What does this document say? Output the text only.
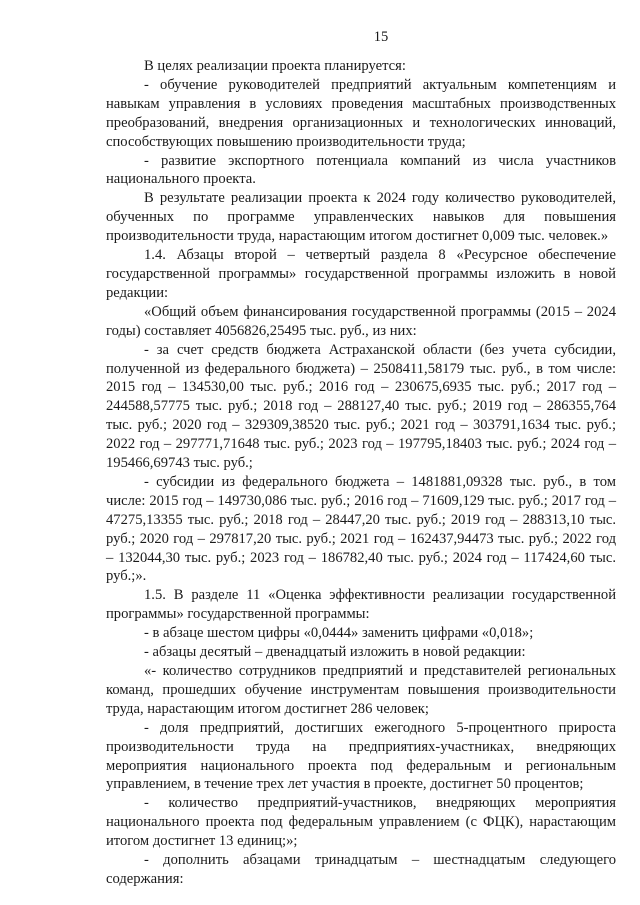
15

В целях реализации проекта планируется:

- обучение руководителей предприятий актуальным компетенциям и навыкам управления в условиях проведения масштабных производственных преобразований, внедрения организационных и технологических инноваций, способствующих повышению производительности труда;

- развитие экспортного потенциала компаний из числа участников национального проекта.

В результате реализации проекта к 2024 году количество руководителей, обученных по программе управленческих навыков для повышения производительности труда, нарастающим итогом достигнет 0,009 тыс. человек.»

1.4. Абзацы второй – четвертый раздела 8 «Ресурсное обеспечение государственной программы» государственной программы изложить в новой редакции:

«Общий объем финансирования государственной программы (2015 – 2024 годы) составляет 4056826,25495 тыс. руб., из них:

- за счет средств бюджета Астраханской области (без учета субсидии, полученной из федерального бюджета) – 2508411,58179 тыс. руб., в том числе: 2015 год – 134530,00 тыс. руб.; 2016 год – 230675,6935 тыс. руб.; 2017 год – 244588,57775 тыс. руб.; 2018 год – 288127,40 тыс. руб.; 2019 год – 286355,764 тыс. руб.; 2020 год – 329309,38520 тыс. руб.; 2021 год – 303791,1634 тыс. руб.; 2022 год – 297771,71648 тыс. руб.; 2023 год – 197795,18403 тыс. руб.; 2024 год – 195466,69743 тыс. руб.;

- субсидии из федерального бюджета – 1481881,09328 тыс. руб., в том числе: 2015 год – 149730,086 тыс. руб.; 2016 год – 71609,129 тыс. руб.; 2017 год – 47275,13355 тыс. руб.; 2018 год – 28447,20 тыс. руб.; 2019 год – 288313,10 тыс. руб.; 2020 год – 297817,20 тыс. руб.; 2021 год – 162437,94473 тыс. руб.; 2022 год – 132044,30 тыс. руб.; 2023 год – 186782,40 тыс. руб.; 2024 год – 117424,60 тыс. руб.;».

1.5. В разделе 11 «Оценка эффективности реализации государственной программы» государственной программы:

- в абзаце шестом цифры «0,0444» заменить цифрами «0,018»;

- абзацы десятый – двенадцатый изложить в новой редакции:

«- количество сотрудников предприятий и представителей региональных команд, прошедших обучение инструментам повышения производительности труда, нарастающим итогом достигнет 286 человек;

- доля предприятий, достигших ежегодного 5-процентного прироста производительности труда на предприятиях-участниках, внедряющих мероприятия национального проекта под федеральным и региональным управлением, в течение трех лет участия в проекте, достигнет 50 процентов;

- количество предприятий-участников, внедряющих мероприятия национального проекта под федеральным управлением (с ФЦК), нарастающим итогом достигнет 13 единиц;»;

- дополнить абзацами тринадцатым – шестнадцатым следующего содержания:
